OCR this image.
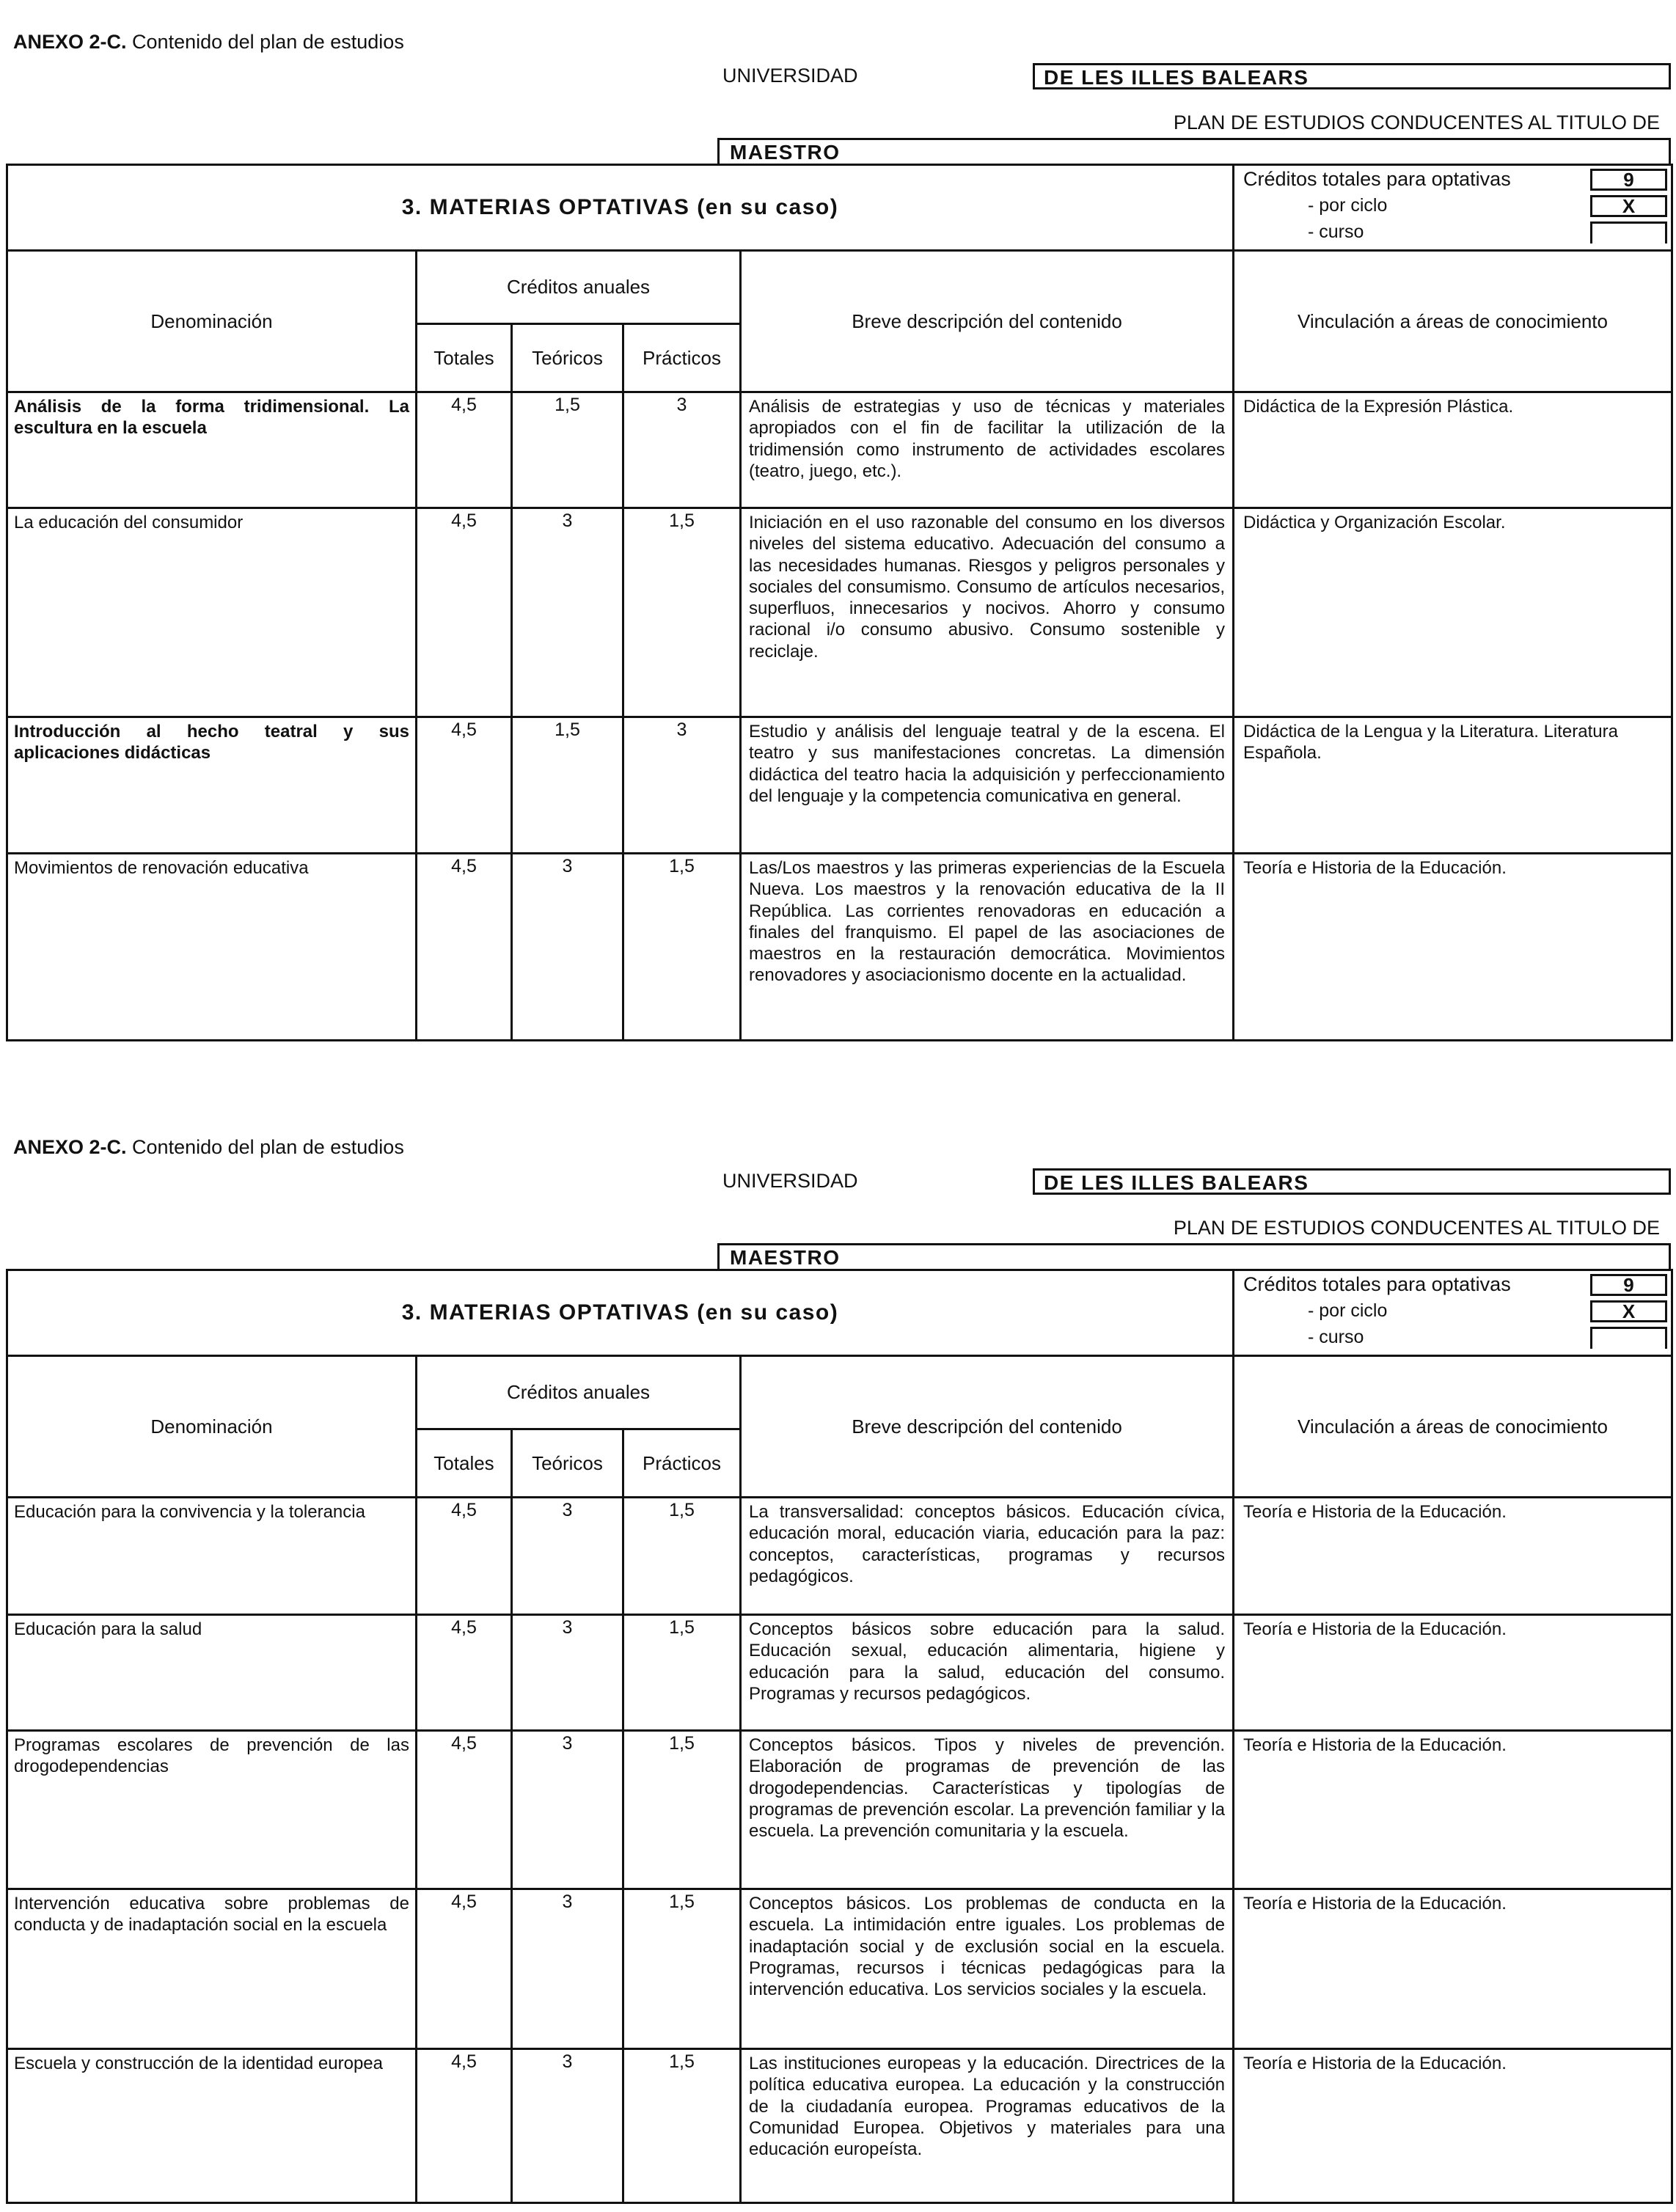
ANEXO 2-C. Contenido del plan de estudios
UNIVERSIDAD	DE LES ILLES BALEARS
PLAN DE ESTUDIOS CONDUCENTES AL TITULO DE
MAESTRO
3. MATERIAS OPTATIVAS (en su caso)					Créditos totales para optativas 9
- por ciclo X
- curso

Denominación	Créditos anuales			Breve descripción del contenido	Vinculación a áreas de conocimiento
	Totales	Teóricos	Prácticos		
Análisis de la forma tridimensional. La escultura en la escuela	4,5	1,5	3	Análisis de estrategias y uso de técnicas y materiales apropiados con el fin de facilitar la utilización de la tridimensión como instrumento de actividades escolares (teatro, juego, etc.).	Didáctica de la Expresión Plástica.
La educación del consumidor	4,5	3	1,5	Iniciación en el uso razonable del consumo en los diversos niveles del sistema educativo. Adecuación del consumo a las necesidades humanas. Riesgos y peligros personales y sociales del consumismo. Consumo de artículos necesarios, superfluos, innecesarios y nocivos. Ahorro y consumo racional i/o consumo abusivo. Consumo sostenible y reciclaje.	Didáctica y Organización Escolar.
Introducción al hecho teatral y sus aplicaciones didácticas	4,5	1,5	3	Estudio y análisis del lenguaje teatral y de la escena. El teatro y sus manifestaciones concretas. La dimensión didáctica del teatro hacia la adquisición y perfeccionamiento del lenguaje y la competencia comunicativa en general.	Didáctica de la Lengua y la Literatura. Literatura Española.
Movimientos de renovación educativa	4,5	3	1,5	Las/Los maestros y las primeras experiencias de la Escuela Nueva. Los maestros y la renovación educativa de la II República. Las corrientes renovadoras en educación a finales del franquismo. El papel de las asociaciones de maestros en la restauración democrática. Movimientos renovadores y asociacionismo docente en la actualidad.	Teoría e Historia de la Educación.
ANEXO 2-C. Contenido del plan de estudios
UNIVERSIDAD	DE LES ILLES BALEARS
PLAN DE ESTUDIOS CONDUCENTES AL TITULO DE
MAESTRO
3. MATERIAS OPTATIVAS (en su caso)					Créditos totales para optativas 9
- por ciclo X
- curso

Denominación	Créditos anuales			Breve descripción del contenido	Vinculación a áreas de conocimiento
	Totales	Teóricos	Prácticos		
Educación para la convivencia y la tolerancia	4,5	3	1,5	La transversalidad: conceptos básicos. Educación cívica, educación moral, educación viaria, educación para la paz: conceptos, características, programas y recursos pedagógicos.	Teoría e Historia de la Educación.
Educación para la salud	4,5	3	1,5	Conceptos básicos sobre educación para la salud. Educación sexual, educación alimentaria, higiene y educación para la salud, educación del consumo. Programas y recursos pedagógicos.	Teoría e Historia de la Educación.
Programas escolares de prevención de las drogodependencias	4,5	3	1,5	Conceptos básicos. Tipos y niveles de prevención. Elaboración de programas de prevención de las drogodependencias. Características y tipologías de programas de prevención escolar. La prevención familiar y la escuela. La prevención comunitaria y la escuela.	Teoría e Historia de la Educación.
Intervención educativa sobre problemas de conducta y de inadaptación social en la escuela	4,5	3	1,5	Conceptos básicos. Los problemas de conducta en la escuela. La intimidación entre iguales. Los problemas de inadaptación social y de exclusión social en la escuela. Programas, recursos i técnicas pedagógicas para la intervención educativa. Los servicios sociales y la escuela.	Teoría e Historia de la Educación.
Escuela y construcción de la identidad europea	4,5	3	1,5	Las instituciones europeas y la educación. Directrices de la política educativa europea. La educación y la construcción de la ciudadanía europea. Programas educativos de la Comunidad Europea. Objetivos y materiales para una educación europeísta.	Teoría e Historia de la Educación.
